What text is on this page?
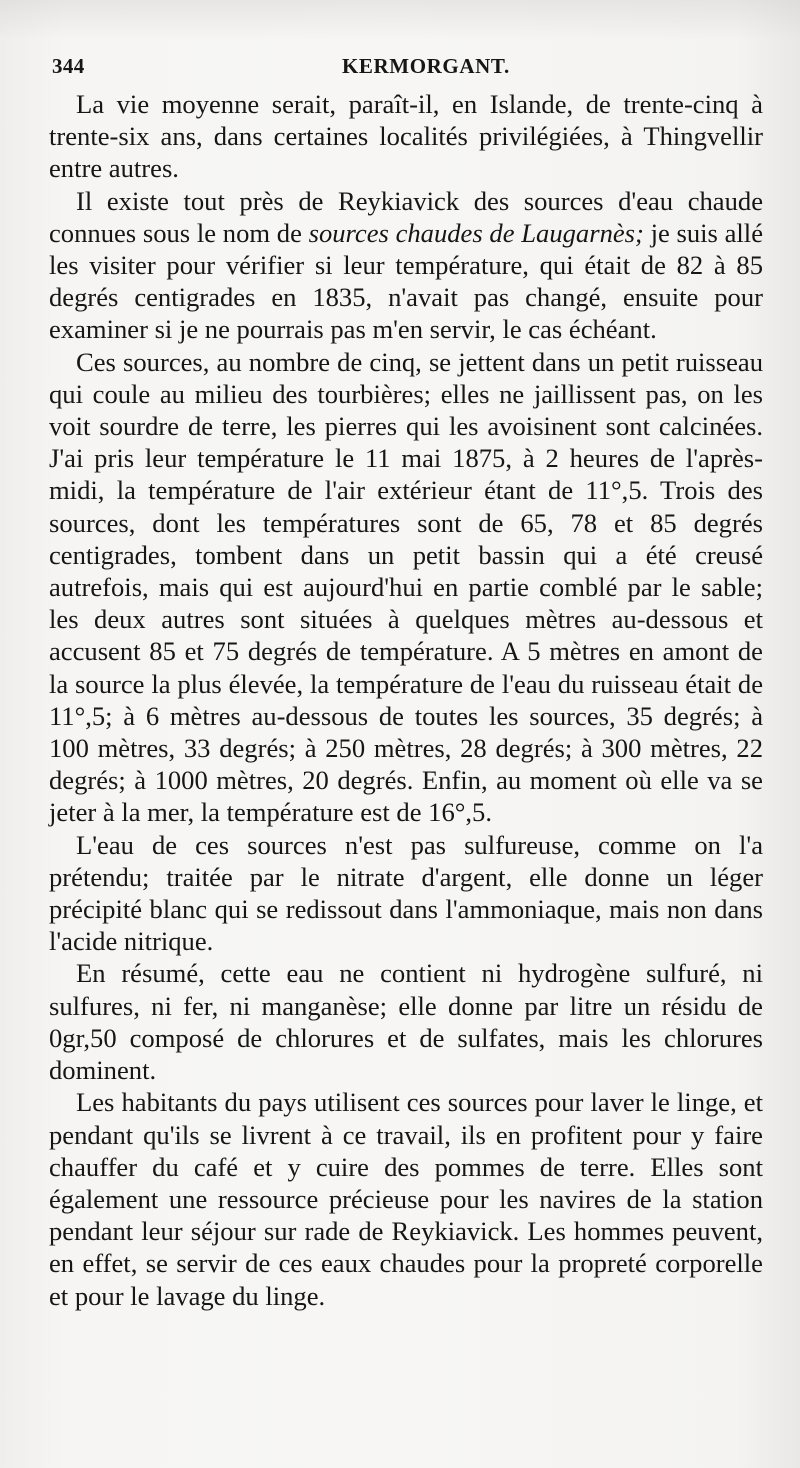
344	KERMORGANT.

La vie moyenne serait, paraît-il, en Islande, de trente-cinq à trente-six ans, dans certaines localités privilégiées, à Thingvellir entre autres.

Il existe tout près de Reykiavick des sources d'eau chaude connues sous le nom de sources chaudes de Laugarnès; je suis allé les visiter pour vérifier si leur température, qui était de 82 à 85 degrés centigrades en 1835, n'avait pas changé, ensuite pour examiner si je ne pourrais pas m'en servir, le cas échéant.

Ces sources, au nombre de cinq, se jettent dans un petit ruisseau qui coule au milieu des tourbières; elles ne jaillissent pas, on les voit sourdre de terre, les pierres qui les avoisinent sont calcinées. J'ai pris leur température le 11 mai 1875, à 2 heures de l'après-midi, la température de l'air extérieur étant de 11°,5. Trois des sources, dont les températures sont de 65, 78 et 85 degrés centigrades, tombent dans un petit bassin qui a été creusé autrefois, mais qui est aujourd'hui en partie comblé par le sable; les deux autres sont situées à quelques mètres au-dessous et accusent 85 et 75 degrés de température. A 5 mètres en amont de la source la plus élevée, la température de l'eau du ruisseau était de 11°,5; à 6 mètres au-dessous de toutes les sources, 35 degrés; à 100 mètres, 33 degrés; à 250 mètres, 28 degrés; à 300 mètres, 22 degrés; à 1000 mètres, 20 degrés. Enfin, au moment où elle va se jeter à la mer, la température est de 16°,5.

L'eau de ces sources n'est pas sulfureuse, comme on l'a prétendu; traitée par le nitrate d'argent, elle donne un léger précipité blanc qui se redissout dans l'ammoniaque, mais non dans l'acide nitrique.

En résumé, cette eau ne contient ni hydrogène sulfuré, ni sulfures, ni fer, ni manganèse; elle donne par litre un résidu de 0gr,50 composé de chlorures et de sulfates, mais les chlorures dominent.

Les habitants du pays utilisent ces sources pour laver le linge, et pendant qu'ils se livrent à ce travail, ils en profitent pour y faire chauffer du café et y cuire des pommes de terre. Elles sont également une ressource précieuse pour les navires de la station pendant leur séjour sur rade de Reykiavick. Les hommes peuvent, en effet, se servir de ces eaux chaudes pour la propreté corporelle et pour le lavage du linge.
